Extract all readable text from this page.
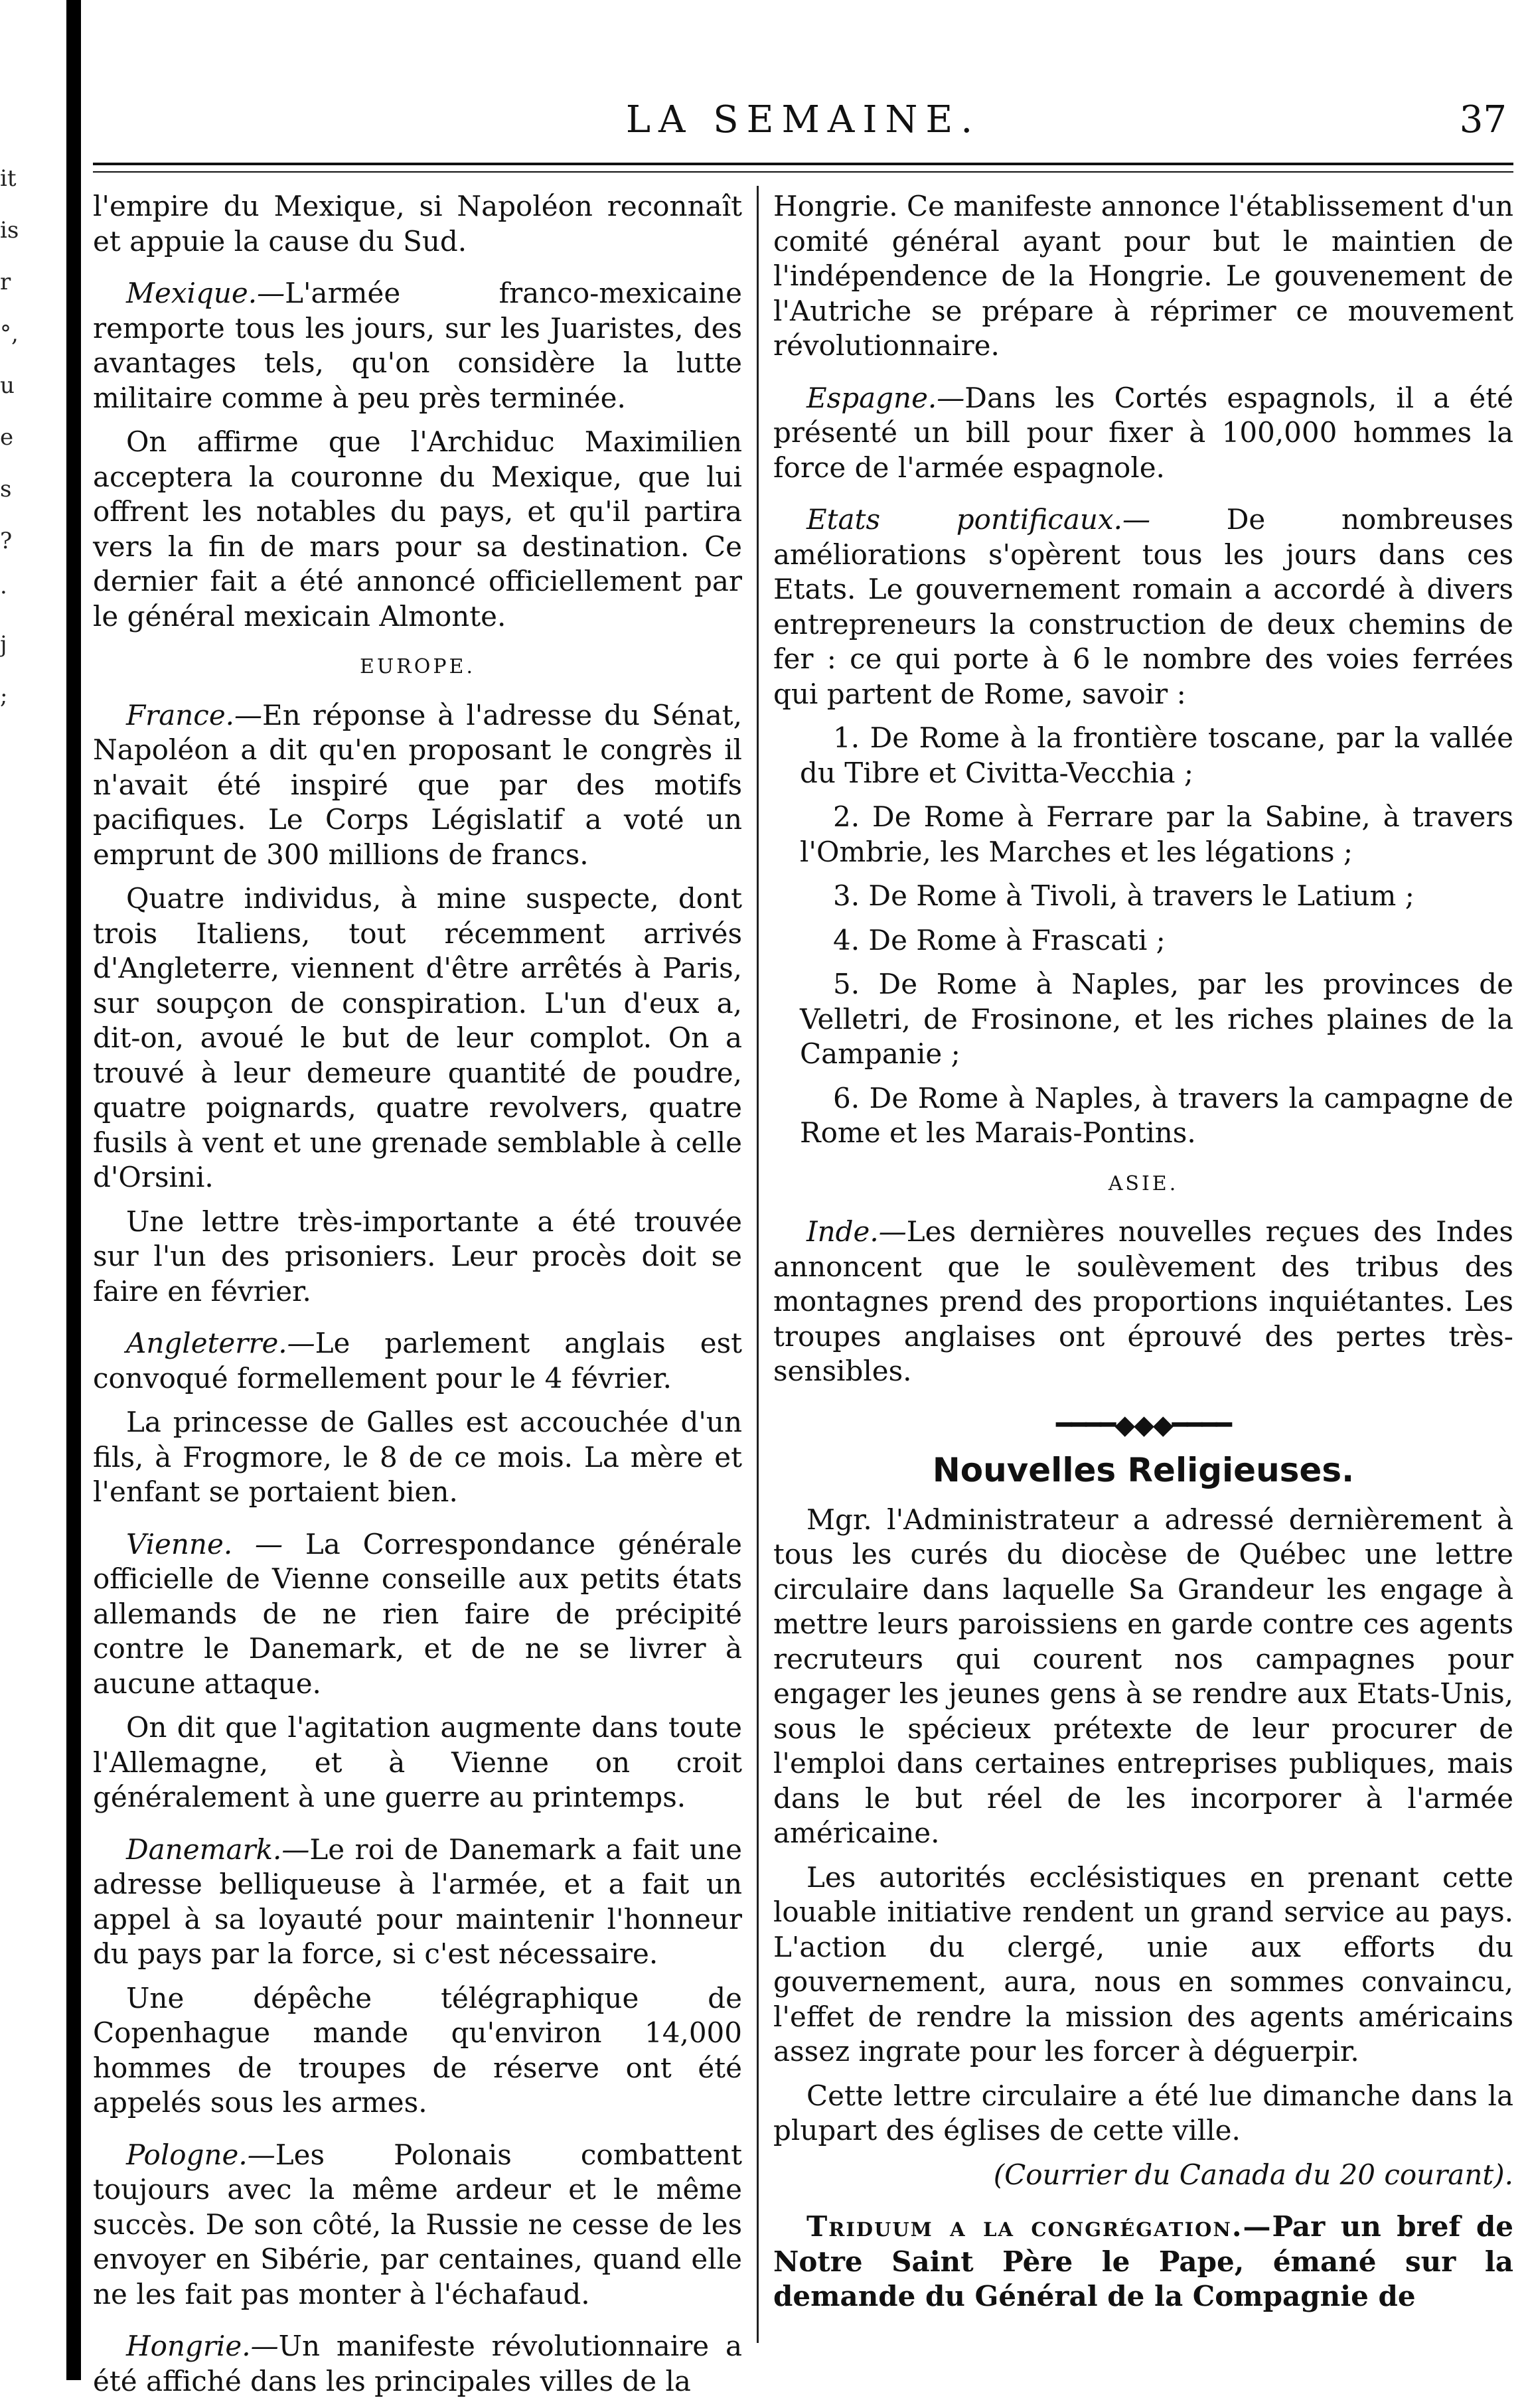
it
is
r
°,
u
e
s
?
·
j
;
LA SEMAINE.	37

l'empire du Mexique, si Napoléon reconnaît et appuie la cause du Sud.

Mexique.—L'armée franco-mexicaine remporte tous les jours, sur les Juaristes, des avantages tels, qu'on considère la lutte militaire comme à peu près terminée.

On affirme que l'Archiduc Maximilien acceptera la couronne du Mexique, que lui offrent les notables du pays, et qu'il partira vers la fin de mars pour sa destination. Ce dernier fait a été annoncé officiellement par le général mexicain Almonte.

EUROPE.

France.—En réponse à l'adresse du Sénat, Napoléon a dit qu'en proposant le congrès il n'avait été inspiré que par des motifs pacifiques. Le Corps Législatif a voté un emprunt de 300 millions de francs.

Quatre individus, à mine suspecte, dont trois Italiens, tout récemment arrivés d'Angleterre, viennent d'être arrêtés à Paris, sur soupçon de conspiration. L'un d'eux a, dit-on, avoué le but de leur complot. On a trouvé à leur demeure quantité de poudre, quatre poignards, quatre revolvers, quatre fusils à vent et une grenade semblable à celle d'Orsini.

Une lettre très-importante a été trouvée sur l'un des prisoniers. Leur procès doit se faire en février.

Angleterre.—Le parlement anglais est convoqué formellement pour le 4 février.

La princesse de Galles est accouchée d'un fils, à Frogmore, le 8 de ce mois. La mère et l'enfant se portaient bien.

Vienne. — La Correspondance générale officielle de Vienne conseille aux petits états allemands de ne rien faire de précipité contre le Danemark, et de ne se livrer à aucune attaque.

On dit que l'agitation augmente dans toute l'Allemagne, et à Vienne on croit généralement à une guerre au printemps.

Danemark.—Le roi de Danemark a fait une adresse belliqueuse à l'armée, et a fait un appel à sa loyauté pour maintenir l'honneur du pays par la force, si c'est nécessaire.

Une dépêche télégraphique de Copenhague mande qu'environ 14,000 hommes de troupes de réserve ont été appelés sous les armes.

Pologne.—Les Polonais combattent toujours avec la même ardeur et le même succès. De son côté, la Russie ne cesse de les envoyer en Sibérie, par centaines, quand elle ne les fait pas monter à l'échafaud.

Hongrie.—Un manifeste révolutionnaire a été affiché dans les principales villes de la

Hongrie. Ce manifeste annonce l'établissement d'un comité général ayant pour but le maintien de l'indépendence de la Hongrie. Le gouvenement de l'Autriche se prépare à réprimer ce mouvement révolutionnaire.

Espagne.—Dans les Cortés espagnols, il a été présenté un bill pour fixer à 100,000 hommes la force de l'armée espagnole.

Etats pontificaux.— De nombreuses améliorations s'opèrent tous les jours dans ces Etats. Le gouvernement romain a accordé à divers entrepreneurs la construction de deux chemins de fer : ce qui porte à 6 le nombre des voies ferrées qui partent de Rome, savoir :

1. De Rome à la frontière toscane, par la vallée du Tibre et Civitta-Vecchia ;

2. De Rome à Ferrare par la Sabine, à travers l'Ombrie, les Marches et les légations ;

3. De Rome à Tivoli, à travers le Latium ;

4. De Rome à Frascati ;

5. De Rome à Naples, par les provinces de Velletri, de Frosinone, et les riches plaines de la Campanie ;

6. De Rome à Naples, à travers la campagne de Rome et les Marais-Pontins.

ASIE.

Inde.—Les dernières nouvelles reçues des Indes annoncent que le soulèvement des tribus des montagnes prend des proportions inquiétantes. Les troupes anglaises ont éprouvé des pertes très-sensibles.

━━━━◆◆◆━━━━
Nouvelles Religieuses.

Mgr. l'Administrateur a adressé dernièrement à tous les curés du diocèse de Québec une lettre circulaire dans laquelle Sa Grandeur les engage à mettre leurs paroissiens en garde contre ces agents recruteurs qui courent nos campagnes pour engager les jeunes gens à se rendre aux Etats-Unis, sous le spécieux prétexte de leur procurer de l'emploi dans certaines entreprises publiques, mais dans le but réel de les incorporer à l'armée américaine.

Les autorités ecclésistiques en prenant cette louable initiative rendent un grand service au pays. L'action du clergé, unie aux efforts du gouvernement, aura, nous en sommes convaincu, l'effet de rendre la mission des agents américains assez ingrate pour les forcer à déguerpir.

Cette lettre circulaire a été lue dimanche dans la plupart des églises de cette ville.

(Courrier du Canada du 20 courant).

Triduum a la congrégation.—Par un bref de Notre Saint Père le Pape, émané sur la demande du Général de la Compagnie de
